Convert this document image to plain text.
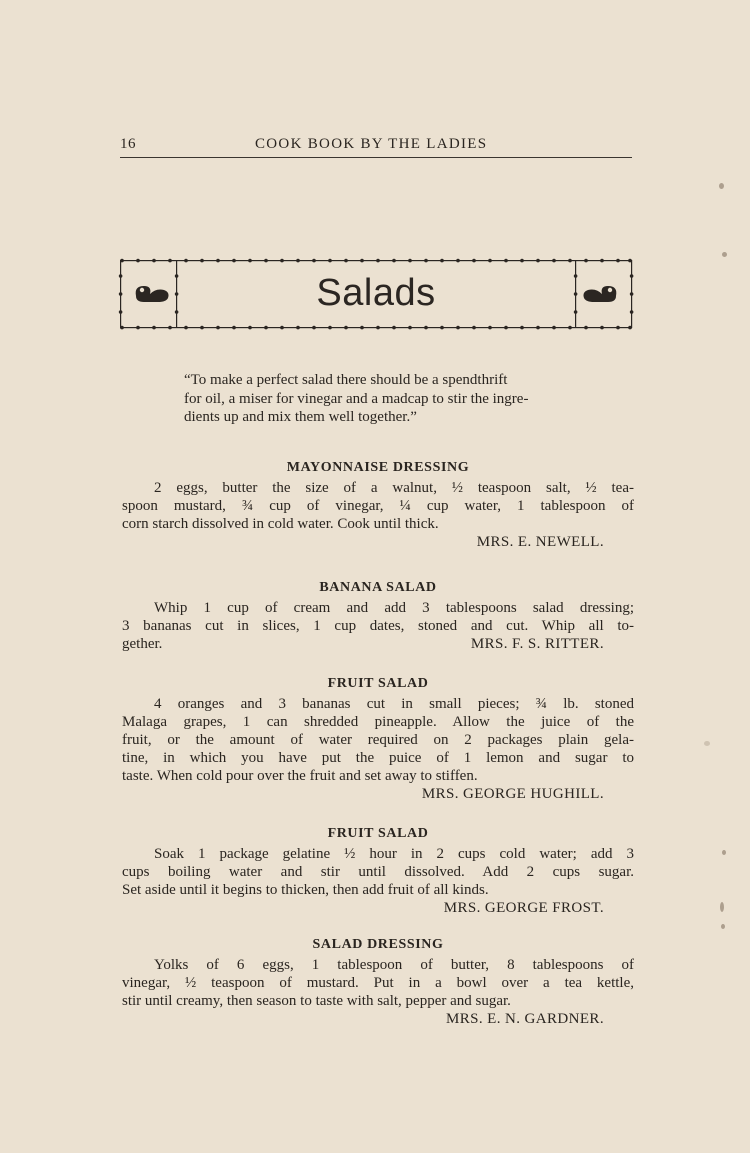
16	COOK BOOK BY THE LADIES
Salads
“To make a perfect salad there should be a spendthrift
for oil, a miser for vinegar and a madcap to stir the ingre-
dients up and mix them well together.”
MAYONNAISE DRESSING
2 eggs, butter the size of a walnut, ½ teaspoon salt, ½ tea-
spoon mustard, ¾ cup of vinegar, ¼ cup water, 1 tablespoon of
corn starch dissolved in cold water. Cook until thick.
MRS. E. NEWELL.
BANANA SALAD
Whip 1 cup of cream and add 3 tablespoons salad dressing;
3 bananas cut in slices, 1 cup dates, stoned and cut. Whip all to-
gether.	MRS. F. S. RITTER.
FRUIT SALAD
4 oranges and 3 bananas cut in small pieces; ¾ lb. stoned
Malaga grapes, 1 can shredded pineapple. Allow the juice of the
fruit, or the amount of water required on 2 packages plain gela-
tine, in which you have put the puice of 1 lemon and sugar to
taste. When cold pour over the fruit and set away to stiffen.
MRS. GEORGE HUGHILL.
FRUIT SALAD
Soak 1 package gelatine ½ hour in 2 cups cold water; add 3
cups boiling water and stir until dissolved. Add 2 cups sugar.
Set aside until it begins to thicken, then add fruit of all kinds.
MRS. GEORGE FROST.
SALAD DRESSING
Yolks of 6 eggs, 1 tablespoon of butter, 8 tablespoons of
vinegar, ½ teaspoon of mustard. Put in a bowl over a tea kettle,
stir until creamy, then season to taste with salt, pepper and sugar.
MRS. E. N. GARDNER.
